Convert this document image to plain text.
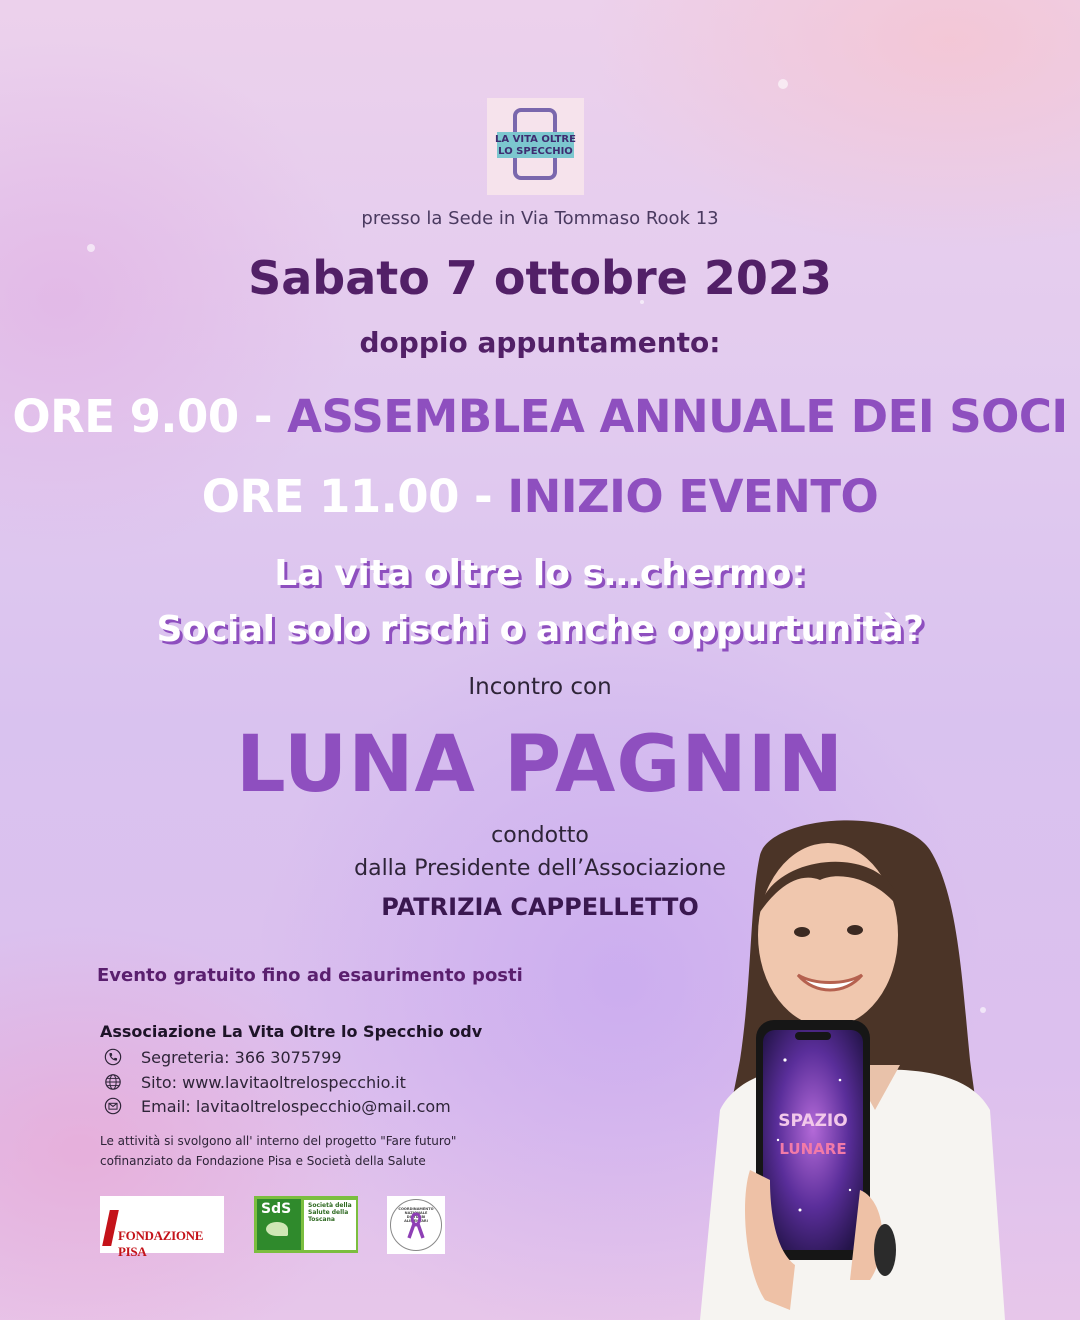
LA VITA OLTRE
LO SPECCHIO
presso la Sede in Via Tommaso Rook 13
Sabato 7 ottobre 2023
doppio appuntamento:
ORE 9.00 - ASSEMBLEA ANNUALE DEI SOCI
ORE 11.00 - INIZIO EVENTO
La vita oltre lo s…chermo:
Social solo rischi o anche oppurtunità?
Incontro con
LUNA PAGNIN
condotto
dalla Presidente dell’Associazione
PATRIZIA CAPPELLETTO
Evento gratuito fino ad esaurimento posti
Associazione La Vita Oltre lo Specchio odv
Segreteria: 366 3075799
Sito: www.lavitaoltrelospecchio.it
Email: lavitaoltrelospecchio@mail.com
Le attività si svolgono all' interno del progetto "Fare futuro"
cofinanziato da Fondazione Pisa e Società della Salute
FONDAZIONE PISA
SdS	Società della Salute della Toscana
COORDINAMENTO NAZIONALE DISTURBI ALIMENTARI
SPAZIO
LUNARE
